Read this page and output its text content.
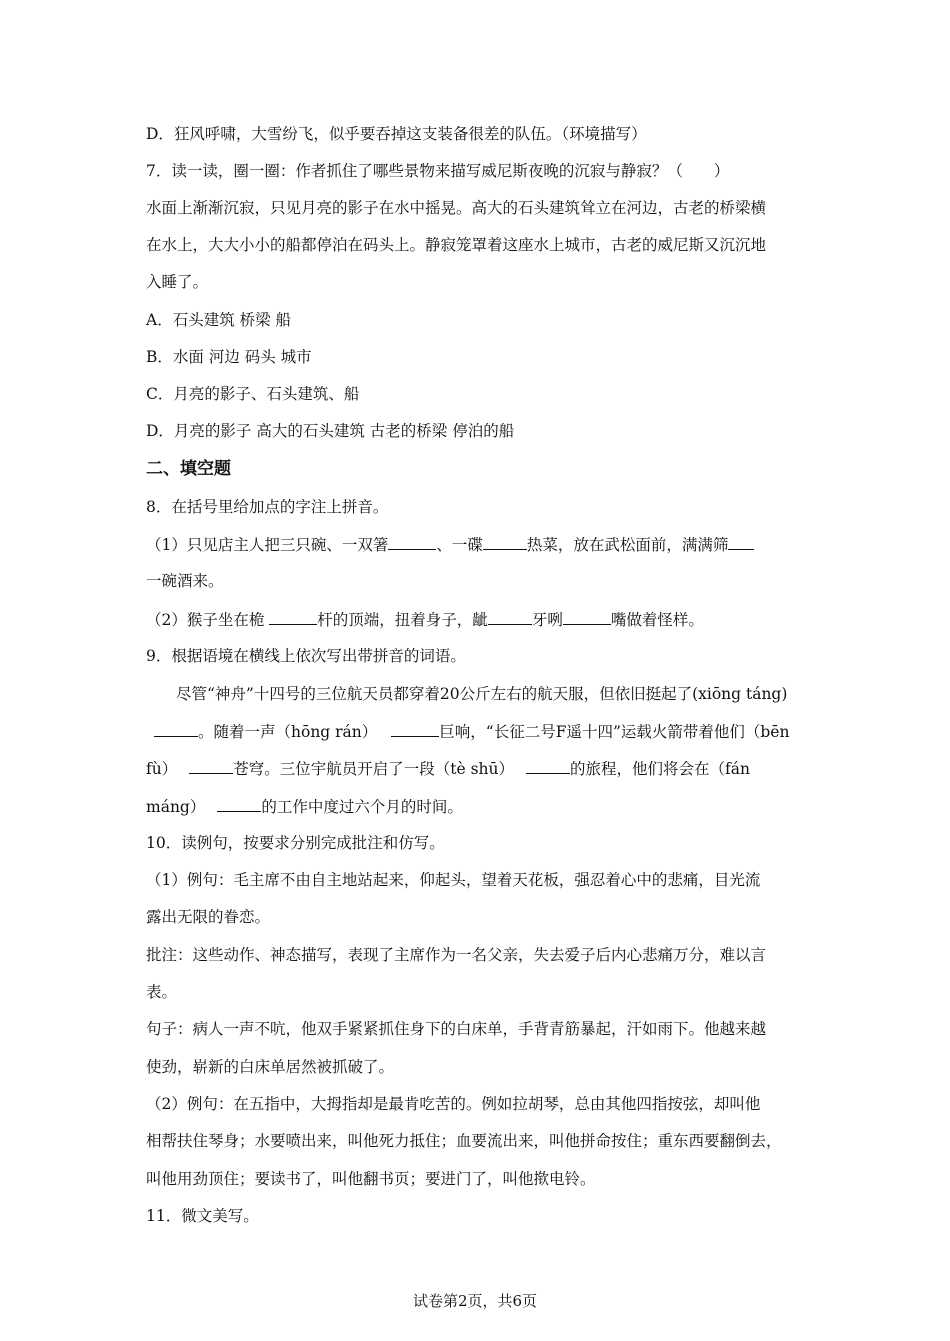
D．狂风呼啸，大雪纷飞，似乎要吞掉这支装备很差的队伍。（环境描写）
7．读一读，圈一圈：作者抓住了哪些景物来描写威尼斯夜晚的沉寂与静寂？（　　）
水面上渐渐沉寂，只见月亮的影子在水中摇晃。高大的石头建筑耸立在河边，古老的桥梁横
在水上，大大小小的船都停泊在码头上。静寂笼罩着这座水上城市，古老的威尼斯又沉沉地
入睡了。
A．石头建筑 桥梁 船
B．水面 河边 码头 城市
C．月亮的影子、石头建筑、船
D．月亮的影子 高大的石头建筑 古老的桥梁 停泊的船
二、填空题
8．在括号里给加点的字注上拼音。
（1）只见店主人把三只碗、一双箸	、一碟	热菜，放在武松面前，满满筛
一碗酒来。
（2）猴子坐在桅	杆的顶端，扭着身子，龇	牙咧	嘴做着怪样。
9．根据语境在横线上依次写出带拼音的词语。
尽管“神舟”十四号的三位航天员都穿着20公斤左右的航天服，但依旧挺起了(xiōng táng)
。随着一声（hōng rán）	巨响，“长征二号F遥十四”运载火箭带着他们（bēn
fù）	苍穹。三位宇航员开启了一段（tè shū）	的旅程，他们将会在（fán
máng）	的工作中度过六个月的时间。
10．读例句，按要求分别完成批注和仿写。
（1）例句：毛主席不由自主地站起来，仰起头，望着天花板，强忍着心中的悲痛，目光流
露出无限的眷恋。
批注：这些动作、神态描写，表现了主席作为一名父亲，失去爱子后内心悲痛万分，难以言
表。
句子：病人一声不吭，他双手紧紧抓住身下的白床单，手背青筋暴起，汗如雨下。他越来越
使劲，崭新的白床单居然被抓破了。
（2）例句：在五指中，大拇指却是最肯吃苦的。例如拉胡琴，总由其他四指按弦，却叫他
相帮扶住琴身；水要喷出来，叫他死力抵住；血要流出来，叫他拼命按住；重东西要翻倒去，
叫他用劲顶住；要读书了，叫他翻书页；要进门了，叫他揿电铃。
11．微文美写。
试卷第2页，共6页
